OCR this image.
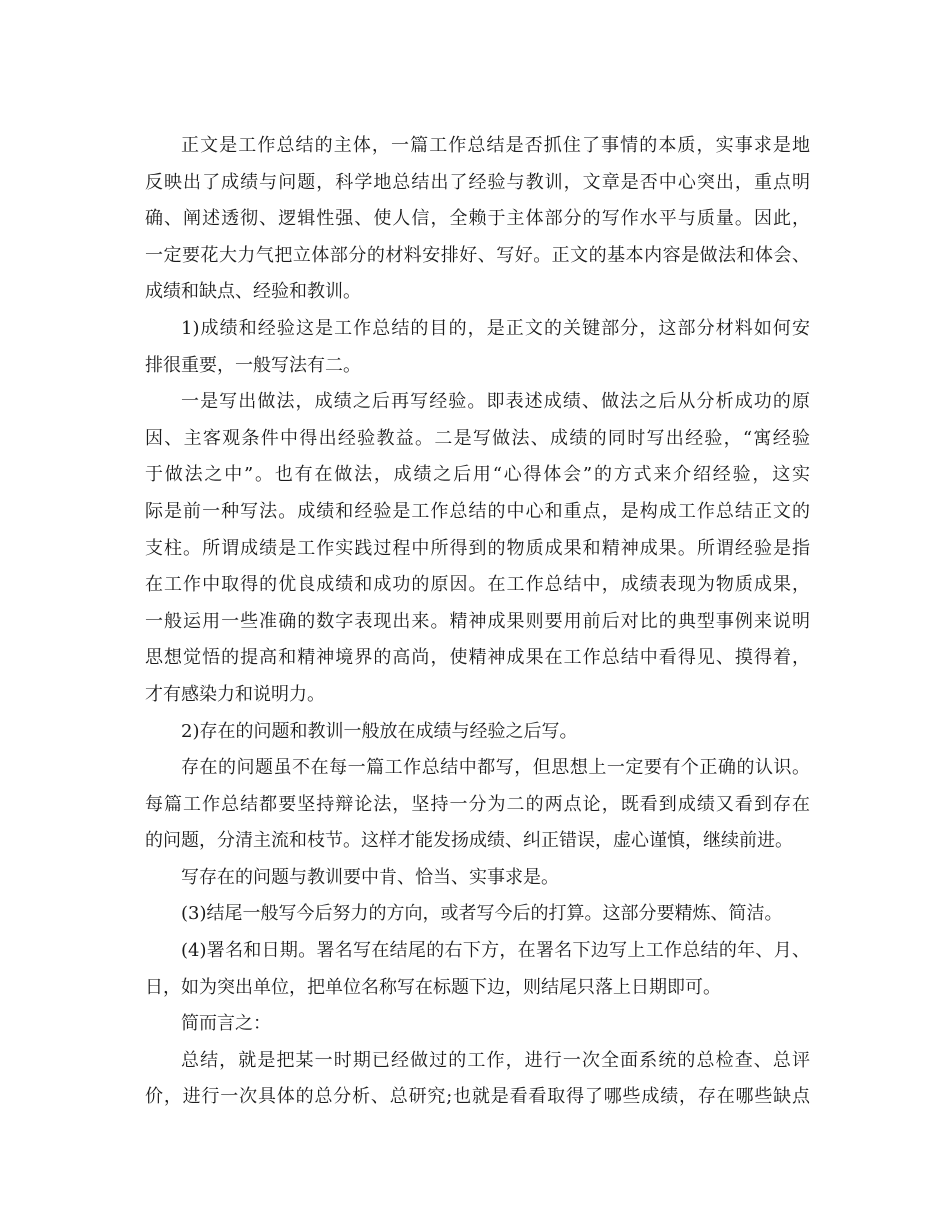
正文是工作总结的主体，一篇工作总结是否抓住了事情的本质，实事求是地
反映出了成绩与问题，科学地总结出了经验与教训，文章是否中心突出，重点明
确、阐述透彻、逻辑性强、使人信，全赖于主体部分的写作水平与质量。因此，
一定要花大力气把立体部分的材料安排好、写好。正文的基本内容是做法和体会、
成绩和缺点、经验和教训。
1)成绩和经验这是工作总结的目的，是正文的关键部分，这部分材料如何安
排很重要，一般写法有二。
一是写出做法，成绩之后再写经验。即表述成绩、做法之后从分析成功的原
因、主客观条件中得出经验教益。二是写做法、成绩的同时写出经验，“寓经验
于做法之中”。也有在做法，成绩之后用“心得体会”的方式来介绍经验，这实
际是前一种写法。成绩和经验是工作总结的中心和重点，是构成工作总结正文的
支柱。所谓成绩是工作实践过程中所得到的物质成果和精神成果。所谓经验是指
在工作中取得的优良成绩和成功的原因。在工作总结中，成绩表现为物质成果，
一般运用一些准确的数字表现出来。精神成果则要用前后对比的典型事例来说明
思想觉悟的提高和精神境界的高尚，使精神成果在工作总结中看得见、摸得着，
才有感染力和说明力。
2)存在的问题和教训一般放在成绩与经验之后写。
存在的问题虽不在每一篇工作总结中都写，但思想上一定要有个正确的认识。
每篇工作总结都要坚持辩论法，坚持一分为二的两点论，既看到成绩又看到存在
的问题，分清主流和枝节。这样才能发扬成绩、纠正错误，虚心谨慎，继续前进。
写存在的问题与教训要中肯、恰当、实事求是。
(3)结尾一般写今后努力的方向，或者写今后的打算。这部分要精炼、简洁。
(4)署名和日期。署名写在结尾的右下方，在署名下边写上工作总结的年、月、
日，如为突出单位，把单位名称写在标题下边，则结尾只落上日期即可。
简而言之：
总结，就是把某一时期已经做过的工作，进行一次全面系统的总检查、总评
价，进行一次具体的总分析、总研究;也就是看看取得了哪些成绩，存在哪些缺点
